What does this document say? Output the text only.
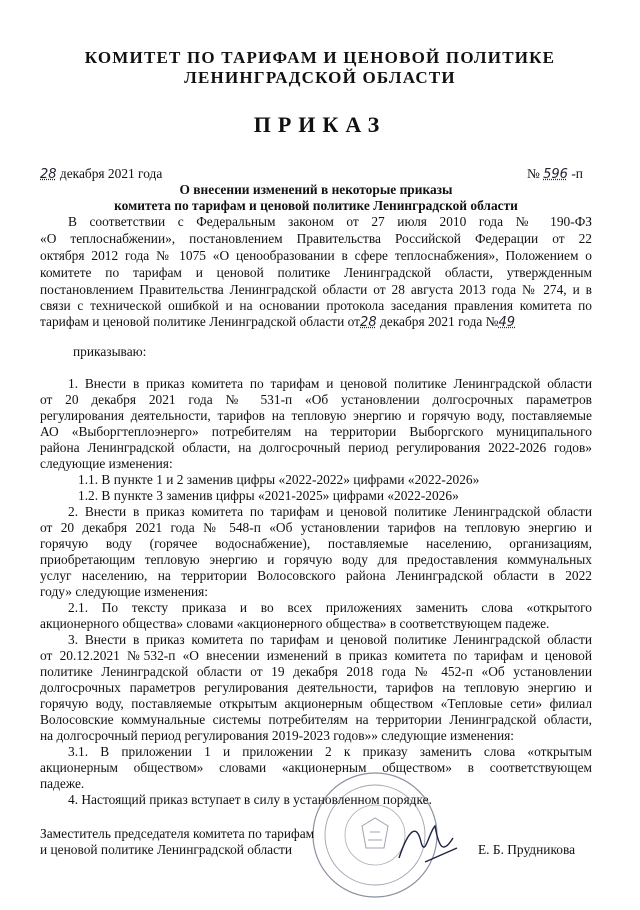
КОМИТЕТ ПО ТАРИФАМ И ЦЕНОВОЙ ПОЛИТИКЕ
ЛЕНИНГРАДСКОЙ ОБЛАСТИ
ПРИКАЗ
28 декабря 2021 года	№ 596 -п
О внесении изменений в некоторые приказы
комитета по тарифам и ценовой политике Ленинградской области
В соответствии с Федеральным законом от 27 июля 2010 года № 190-ФЗ
«О теплоснабжении», постановлением Правительства Российской Федерации от 22
октября 2012 года № 1075 «О ценообразовании в сфере теплоснабжения», Положением о
комитете по тарифам и ценовой политике Ленинградской области, утвержденным
постановлением Правительства Ленинградской области от 28 августа 2013 года № 274, и в
связи с технической ошибкой и на основании протокола заседания правления комитета по
тарифам и ценовой политике Ленинградской области от28 декабря 2021 года №49
приказываю:
1. Внести в приказ комитета по тарифам и ценовой политике Ленинградской области
от 20 декабря 2021 года № 531-п «Об установлении долгосрочных параметров
регулирования деятельности, тарифов на тепловую энергию и горячую воду, поставляемые
АО «Выборгтеплоэнерго» потребителям на территории Выборгского муниципального
района Ленинградской области, на долгосрочный период регулирования 2022-2026 годов»
следующие изменения:
1.1. В пункте 1 и 2 заменив цифры «2022-2022» цифрами «2022-2026»
1.2. В пункте 3 заменив цифры «2021-2025» цифрами «2022-2026»
2. Внести в приказ комитета по тарифам и ценовой политике Ленинградской области
от 20 декабря 2021 года № 548-п «Об установлении тарифов на тепловую энергию и
горячую воду (горячее водоснабжение), поставляемые населению, организациям,
приобретающим тепловую энергию и горячую воду для предоставления коммунальных
услуг населению, на территории Волосовского района Ленинградской области в 2022
году» следующие изменения:
2.1. По тексту приказа и во всех приложениях заменить слова «открытого
акционерного общества» словами «акционерного общества» в соответствующем падеже.
3. Внести в приказ комитета по тарифам и ценовой политике Ленинградской области
от 20.12.2021 №532-п «О внесении изменений в приказ комитета по тарифам и ценовой
политике Ленинградской области от 19 декабря 2018 года № 452-п «Об установлении
долгосрочных параметров регулирования деятельности, тарифов на тепловую энергию и
горячую воду, поставляемые открытым акционерным обществом «Тепловые сети» филиал
Волосовские коммунальные системы потребителям на территории Ленинградской области,
на долгосрочный период регулирования 2019-2023 годов»» следующие изменения:
3.1. В приложении 1 и приложении 2 к приказу заменить слова «открытым
акционерным обществом» словами «акционерным обществом» в соответствующем
падеже.
4. Настоящий приказ вступает в силу в установленном порядке.
Заместитель председателя комитета по тарифам
и ценовой политике Ленинградской области	Е. Б. Прудникова
